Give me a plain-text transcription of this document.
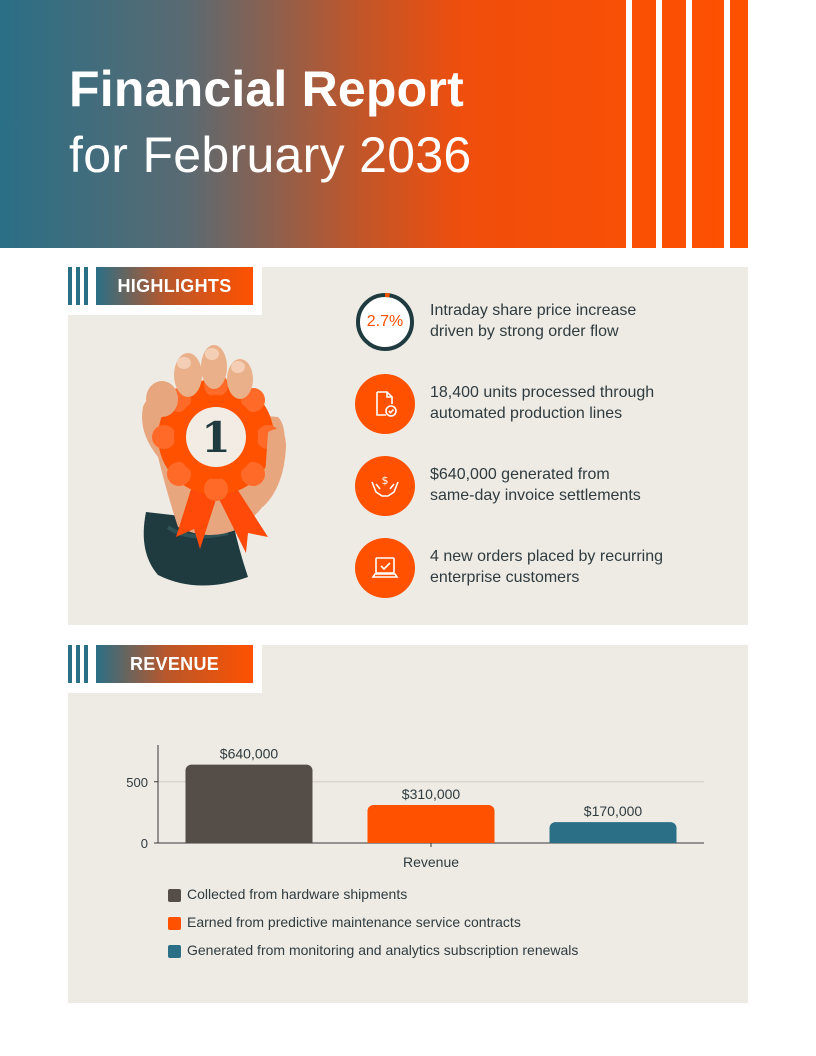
Financial Report
for February 2036
HIGHLIGHTS
1
2.7%
Intraday share price increase
driven by strong order flow
18,400 units processed through
automated production lines
$	$640,000 generated from
same-day invoice settlements
4 new orders placed by recurring
enterprise customers
REVENUE
0
500
$640,000
$310,000
$170,000
Revenue
Collected from hardware shipments
Earned from predictive maintenance service contracts
Generated from monitoring and analytics subscription renewals
